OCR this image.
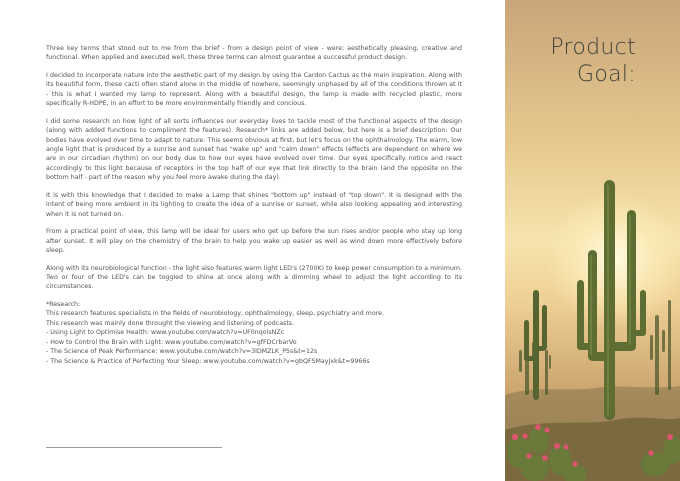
Three key terms that stood out to me from the brief - from a design point of view - were; aesthetically pleasing, creative and functional. When applied and executed well, these three terms can almost guarantee a successful product design.

I decided to incorporate nature into the aesthetic part of my design by using the Cardon Cactus as the main inspiration. Along with its beautiful form, these cacti often stand alone in the middle of nowhere, seemingly unphased by all of the conditions thrown at it - this is what I wanted my lamp to represent. Along with a beautiful design, the lamp is made with recycled plastic, more specifically R-HDPE, in an effort to be more environmentally friendly and concious.

I did some research on how light of all sorts influences our everyday lives to tackle most of the functional aspects of the design (along with added functions to compliment the features). Research* links are added below, but here is a brief description: Our bodies have evolved over time to adapt to nature. This seems obvious at first, but let's focus on the ophthalmology. The warm, low angle light that is produced by a sunrise and sunset has "wake up" and "calm down" effects (effects are dependent on where we are in our circadian rhythm) on our body due to how our eyes have evolved over time. Our eyes specifically notice and react accordingly to this light because of receptors in the top half of our eye that link directly to the brain (and the opposite on the bottom half - part of the reason why you feel more awake during the day).

It is with this knowledge that I decided to make a Lamp that shines "bottom up" instead of "top down". It is designed with the intent of being more ambient in its lighting to create the idea of a sunrise or sunset, while also looking appealing and interesting when it is not turned on.

From a practical point of view, this lamp will be ideal for users who get up before the sun rises and/or people who stay up long after sunset. It will play on the chemistry of the brain to help you wake up easier as well as wind down more effectively before sleep.

Along with its neurobiological function - the light also features warm light LED's (2700K) to keep power consumption to a minimum. Two or four of the LED's can be toggled to shine at once along with a dimming wheel to adjust the light according to its circumstances.

*Research:
This research features specialists in the fields of neurobiology, ophthalmology, sleep, psychiatry and more.
This research was mainly done throught the viewing and listening of podcasts.
- Using Light to Optimise Health: www.youtube.com/watch?v=UF0nqolsNZc
- How to Control the Brain with Light: www.youtube.com/watch?v=gfFDCrbarVo
- The Science of Peak Performance: www.youtube.com/watch?v=3lDMZLK_P5s&t=12s
- The Science & Practice of Perfecting Your Sleep: www.youtube.com/watch?v=gbQFSMayJxk&t=9966s
Product
Goal:
